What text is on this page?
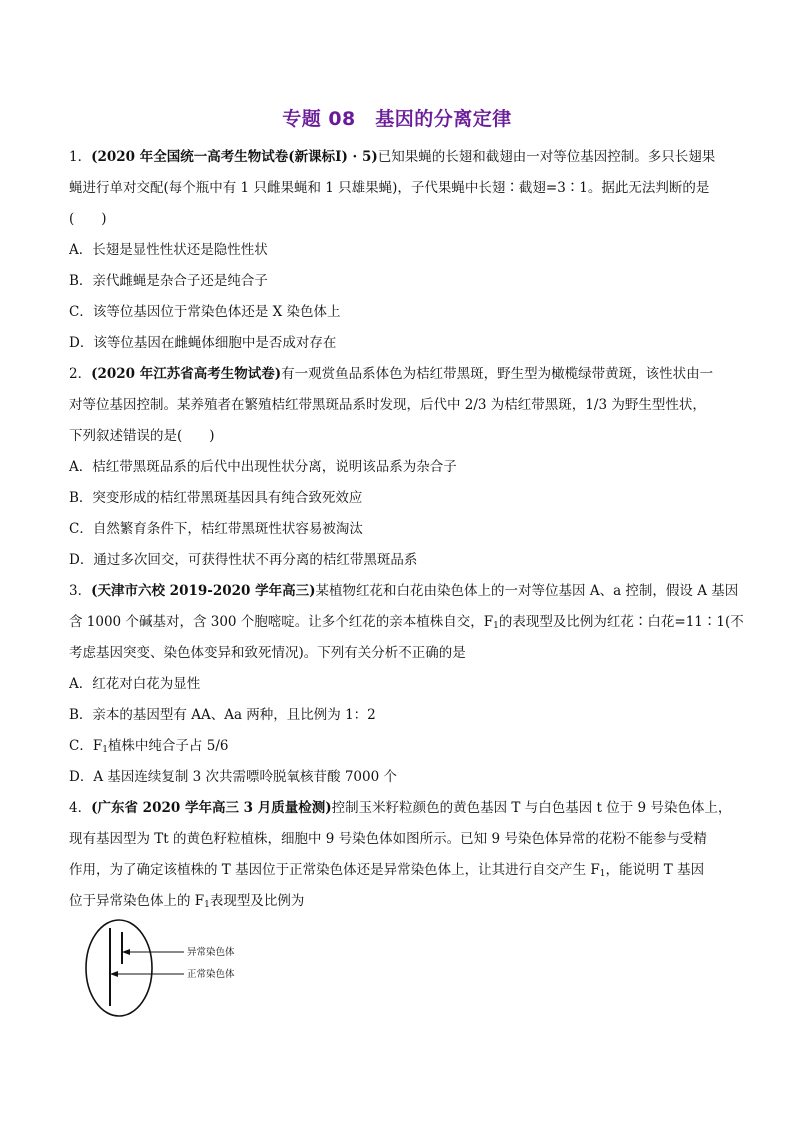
专题 08　基因的分离定律
1．(2020 年全国统一高考生物试卷(新课标Ⅰ) · 5)已知果蝇的长翅和截翅由一对等位基因控制。多只长翅果
蝇进行单对交配(每个瓶中有 1 只雌果蝇和 1 只雄果蝇)，子代果蝇中长翅∶截翅=3∶1。据此无法判断的是
(　　)
A．长翅是显性性状还是隐性性状
B．亲代雌蝇是杂合子还是纯合子
C．该等位基因位于常染色体还是 X 染色体上
D．该等位基因在雌蝇体细胞中是否成对存在
2．(2020 年江苏省高考生物试卷)有一观赏鱼品系体色为桔红带黑斑，野生型为橄榄绿带黄斑，该性状由一
对等位基因控制。某养殖者在繁殖桔红带黑斑品系时发现，后代中 2/3 为桔红带黑斑，1/3 为野生型性状，
下列叙述错误的是(　　)
A．桔红带黑斑品系的后代中出现性状分离，说明该品系为杂合子
B．突变形成的桔红带黑斑基因具有纯合致死效应
C．自然繁育条件下，桔红带黑斑性状容易被淘汰
D．通过多次回交，可获得性状不再分离的桔红带黑斑品系
3．(天津市六校 2019-2020 学年高三)某植物红花和白花由染色体上的一对等位基因 A、a 控制，假设 A 基因
含 1000 个碱基对，含 300 个胞嘧啶。让多个红花的亲本植株自交，$F_1$的表现型及比例为红花∶白花=11∶1(不
考虑基因突变、染色体变异和致死情况)。下列有关分析不正确的是
A．红花对白花为显性
B．亲本的基因型有 AA、Aa 两种，且比例为 1：2
C．$F_1$植株中纯合子占 5/6
D．A 基因连续复制 3 次共需嘌呤脱氧核苷酸 7000 个
4．(广东省 2020 学年高三 3 月质量检测)控制玉米籽粒颜色的黄色基因 T 与白色基因 t 位于 9 号染色体上，
现有基因型为 Tt 的黄色籽粒植株，细胞中 9 号染色体如图所示。已知 9 号染色体异常的花粉不能参与受精
作用，为了确定该植株的 T 基因位于正常染色体还是异常染色体上，让其进行自交产生 $F_1$，能说明 T 基因
位于异常染色体上的 $F_1$表现型及比例为
异常染色体
正常染色体
